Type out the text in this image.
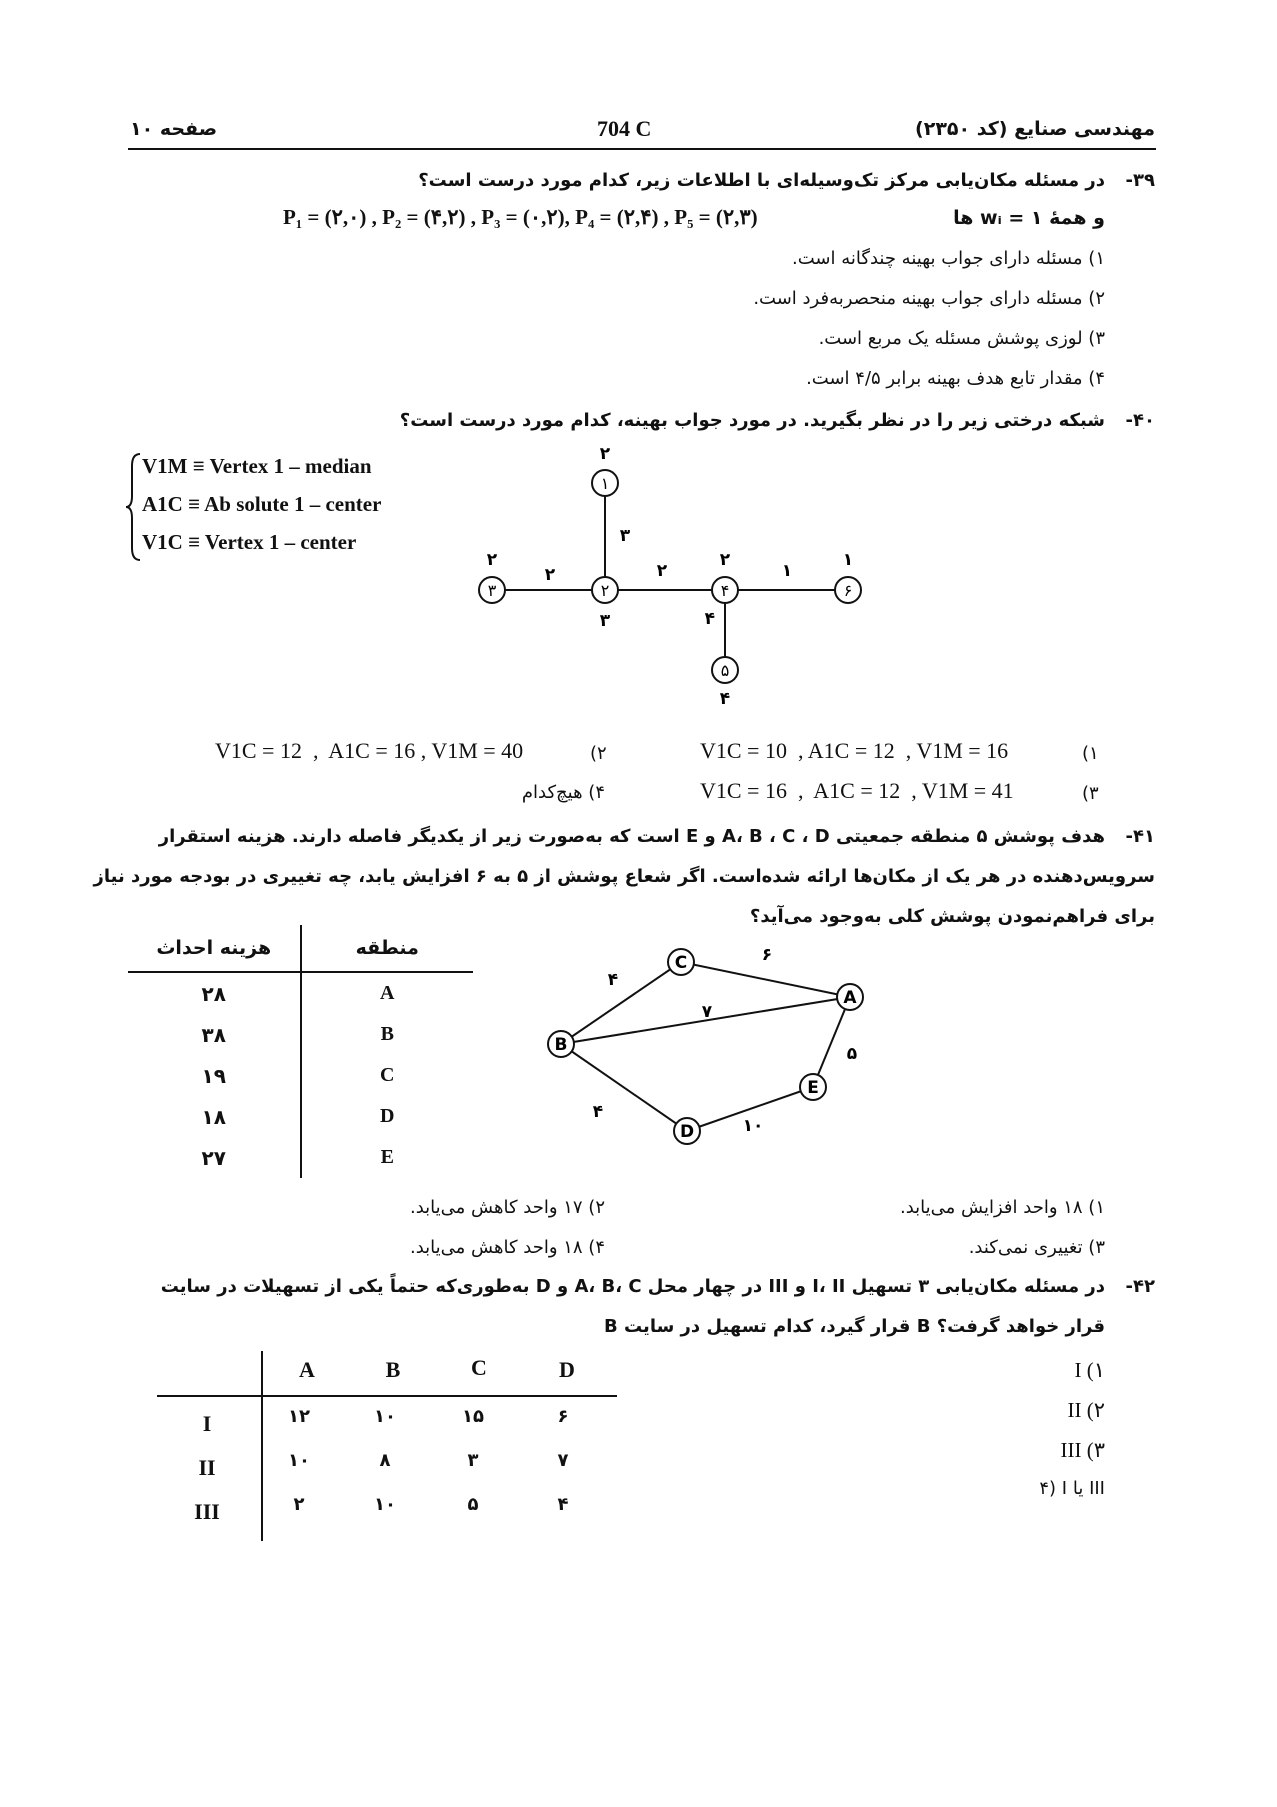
مهندسی صنایع (کد ۲۳۵۰)
704 C
صفحه ۱۰
-۳۹
در مسئله مکان‌یابی مرکز تک‌وسیله‌ای با اطلاعات زیر، کدام مورد درست است؟
و همهٔ wᵢ = ۱ ها
P₁ = (۲,۰) , P₂ = (۴,۲) , P₃ = (۰,۲), P₄ = (۲,۴) , P₅ = (۲,۳)
۱) مسئله دارای جواب بهینه چندگانه است.
۲) مسئله دارای جواب بهینه منحصربه‌فرد است.
۳) لوزی پوشش مسئله یک مربع است.
۴) مقدار تابع هدف بهینه برابر ۴/۵ است.
-۴۰
شبکه درختی زیر را در نظر بگیرید. در مورد جواب بهینه، کدام مورد درست است؟
V1M ≡ Vertex 1 – median
A1C ≡ Ab solute 1 – center
V1C ≡ Vertex 1 – center
۱
۲
۳	۴
۵
۶
۲
۳
۲	۲
۴
۱
۳
۲	۲	۱
۴
(۱
V1C = 10  , A1C = 12  , V1M = 16
(۲
V1C = 12  ,  A1C = 16 , V1M = 40
(۳
V1C = 16  ,  A1C = 12  , V1M = 41
۴) هیچ‌کدام
-۴۱
هدف پوشش ۵ منطقه جمعیتی A، B ، C ، D و E است که به‌صورت زیر از یکدیگر فاصله دارند. هزینه استقرار
سرویس‌دهنده در هر یک از مکان‌ها ارائه شده‌است. اگر شعاع پوشش از ۵ به ۶ افزایش یابد، چه تغییری در بودجه مورد نیاز
برای فراهم‌نمودن پوشش کلی به‌وجود می‌آید؟
منطقه	هزینه احداث
A	۲۸
B	۳۸
C	۱۹
D	۱۸
E	۲۷
A
B
C
D
E
۶
۴
۷
۵
۴
۱۰
۱) ۱۸ واحد افزایش می‌یابد.
۲) ۱۷ واحد کاهش می‌یابد.
۳) تغییری نمی‌کند.
۴) ۱۸ واحد کاهش می‌یابد.
-۴۲
در مسئله مکان‌یابی ۳ تسهیل I، II و III در چهار محل A، B، C و D به‌طوری‌که حتماً یکی از تسهیلات در سایت
B قرار گیرد، کدام تسهیل در سایت B قرار خواهد گرفت؟
A	B	C	D
I	۱۲	۱۰	۱۵	۶
II	۱۰	۸	۳	۷
III	۲	۱۰	۵	۴
I (۱
II (۲
III (۳
۴) I یا III
